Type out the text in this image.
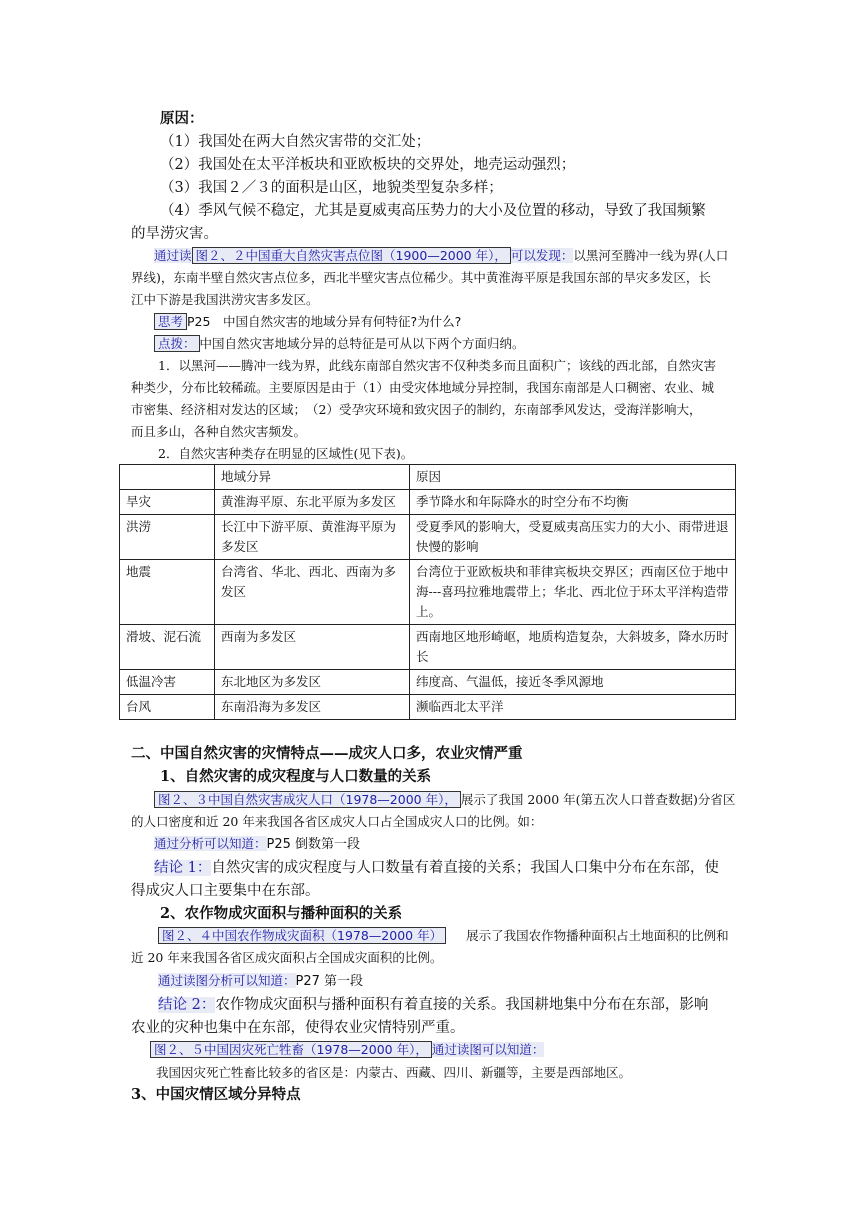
原因：
（1）我国处在两大自然灾害带的交汇处；
（2）我国处在太平洋板块和亚欧板块的交界处，地壳运动强烈；
（3）我国２／３的面积是山区，地貌类型复杂多样；
（4）季风气候不稳定，尤其是夏威夷高压势力的大小及位置的移动，导致了我国频繁
的旱涝灾害。
通过读 图２、２中国重大自然灾害点位图（1900—2000 年）， 可以发现：以黑河至腾冲一线为界(人口
界线)，东南半壁自然灾害点位多，西北半壁灾害点位稀少。其中黄淮海平原是我国东部的旱灾多发区，长
江中下游是我国洪涝灾害多发区。
思考 P25　中国自然灾害的地域分异有何特征?为什么?
点拨： 中国自然灾害地域分异的总特征是可从以下两个方面归纳。
1．以黑河——腾冲一线为界，此线东南部自然灾害不仅种类多而且面积广；该线的西北部，自然灾害
种类少，分布比较稀疏。主要原因是由于（1）由受灾体地域分异控制，我国东南部是人口稠密、农业、城
市密集、经济相对发达的区域；　（2）受孕灾环境和致灾因子的制约，东南部季风发达，受海洋影响大，
而且多山，各种自然灾害频发。
2．自然灾害种类存在明显的区域性(见下表)。
	地域分异	原因
旱灾	黄淮海平原、东北平原为多发区	季节降水和年际降水的时空分布不均衡
洪涝	长江中下游平原、黄淮海平原为多发区	受夏季风的影响大，受夏威夷高压实力的大小、雨带进退快慢的影响
地震	台湾省、华北、西北、西南为多发区	台湾位于亚欧板块和菲律宾板块交界区；西南区位于地中海---喜玛拉雅地震带上；华北、西北位于环太平洋构造带上。
滑坡、泥石流	西南为多发区	西南地区地形崎岖，地质构造复杂，大斜坡多，降水历时长
低温冷害	东北地区为多发区	纬度高、气温低，接近冬季风源地
台风	东南沿海为多发区	濒临西北太平洋
二、中国自然灾害的灾情特点——成灾人口多，农业灾情严重
1、自然灾害的成灾程度与人口数量的关系
图２、３中国自然灾害成灾人口（1978—2000 年）， 展示了我国 2000 年(第五次人口普查数据)分省区
的人口密度和近 20 年来我国各省区成灾人口占全国成灾人口的比例。如：
通过分析可以知道：P25 倒数第一段
结论 1：自然灾害的成灾程度与人口数量有着直接的关系；我国人口集中分布在东部，使
得成灾人口主要集中在东部。
2、农作物成灾面积与播种面积的关系
图２、４中国农作物成灾面积（1978—2000 年） 展示了我国农作物播种面积占土地面积的比例和
近 20 年来我国各省区成灾面积占全国成灾面积的比例。
通过读图分析可以知道：P27 第一段
结论 2：农作物成灾面积与播种面积有着直接的关系。我国耕地集中分布在东部，影响
农业的灾种也集中在东部，使得农业灾情特别严重。
图２、５中国因灾死亡牲畜（1978—2000 年）， 通过读图可以知道：
我国因灾死亡牲畜比较多的省区是：内蒙古、西藏、四川、新疆等，主要是西部地区。
3、中国灾情区域分异特点
